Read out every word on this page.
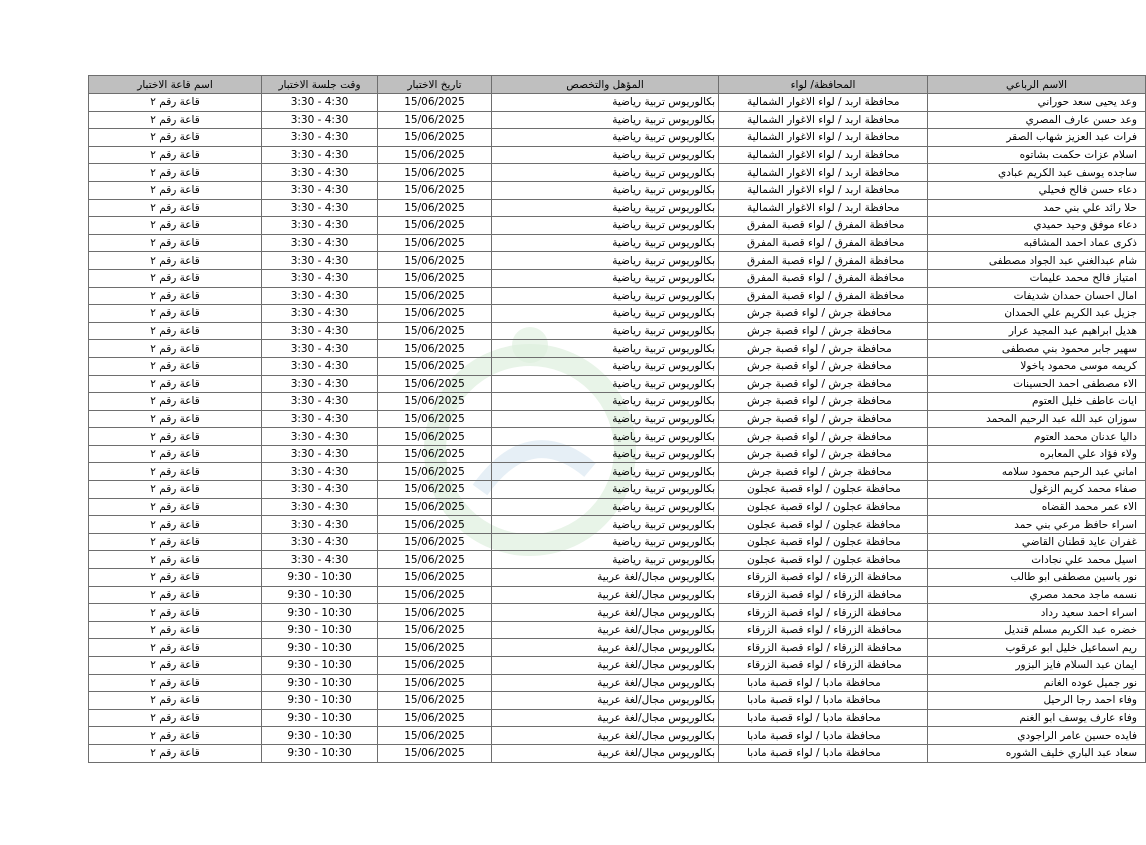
الاسم الرباعي	المحافظة/ لواء	المؤهل والتخصص	تاريخ الاختبار	وقت جلسة الاختبار	اسم قاعة الاختبار
وعد يحيى سعد حوراني	محافظة اربد / لواء الاغوار الشمالية	بكالوريوس تربية رياضية	15/06/2025	3:30 - 4:30	قاعة رقم ٢
وعد حسن عارف المصري	محافظة اربد / لواء الاغوار الشمالية	بكالوريوس تربية رياضية	15/06/2025	3:30 - 4:30	قاعة رقم ٢
فرات عبد العزيز شهاب الصقر	محافظة اربد / لواء الاغوار الشمالية	بكالوريوس تربية رياضية	15/06/2025	3:30 - 4:30	قاعة رقم ٢
اسلام عزات حكمت بشاتوه	محافظة اربد / لواء الاغوار الشمالية	بكالوريوس تربية رياضية	15/06/2025	3:30 - 4:30	قاعة رقم ٢
ساجده يوسف عبد الكريم عبادي	محافظة اربد / لواء الاغوار الشمالية	بكالوريوس تربية رياضية	15/06/2025	3:30 - 4:30	قاعة رقم ٢
دعاء حسن فالح فحيلي	محافظة اربد / لواء الاغوار الشمالية	بكالوريوس تربية رياضية	15/06/2025	3:30 - 4:30	قاعة رقم ٢
حلا رائد علي بني حمد	محافظة اربد / لواء الاغوار الشمالية	بكالوريوس تربية رياضية	15/06/2025	3:30 - 4:30	قاعة رقم ٢
دعاء موفق وحيد حميدي	محافظة المفرق / لواء قصبة المفرق	بكالوريوس تربية رياضية	15/06/2025	3:30 - 4:30	قاعة رقم ٢
ذكرى عماد احمد المشاقبه	محافظة المفرق / لواء قصبة المفرق	بكالوريوس تربية رياضية	15/06/2025	3:30 - 4:30	قاعة رقم ٢
شام عبدالغني عبد الجواد مصطفى	محافظة المفرق / لواء قصبة المفرق	بكالوريوس تربية رياضية	15/06/2025	3:30 - 4:30	قاعة رقم ٢
امتياز فالح محمد عليمات	محافظة المفرق / لواء قصبة المفرق	بكالوريوس تربية رياضية	15/06/2025	3:30 - 4:30	قاعة رقم ٢
امال احسان حمدان شديفات	محافظة المفرق / لواء قصبة المفرق	بكالوريوس تربية رياضية	15/06/2025	3:30 - 4:30	قاعة رقم ٢
جزيل عبد الكريم علي الحمدان	محافظة جرش / لواء قصبة جرش	بكالوريوس تربية رياضية	15/06/2025	3:30 - 4:30	قاعة رقم ٢
هديل ابراهيم عبد المجيد عرار	محافظة جرش / لواء قصبة جرش	بكالوريوس تربية رياضية	15/06/2025	3:30 - 4:30	قاعة رقم ٢
سهير جابر محمود بني مصطفى	محافظة جرش / لواء قصبة جرش	بكالوريوس تربية رياضية	15/06/2025	3:30 - 4:30	قاعة رقم ٢
كريمه موسى محمود ياخولا	محافظة جرش / لواء قصبة جرش	بكالوريوس تربية رياضية	15/06/2025	3:30 - 4:30	قاعة رقم ٢
الاء مصطفى احمد الحسينات	محافظة جرش / لواء قصبة جرش	بكالوريوس تربية رياضية	15/06/2025	3:30 - 4:30	قاعة رقم ٢
ايات عاطف خليل العتوم	محافظة جرش / لواء قصبة جرش	بكالوريوس تربية رياضية	15/06/2025	3:30 - 4:30	قاعة رقم ٢
سوزان عبد الله عبد الرحيم المحمد	محافظة جرش / لواء قصبة جرش	بكالوريوس تربية رياضية	15/06/2025	3:30 - 4:30	قاعة رقم ٢
داليا عدنان محمد العتوم	محافظة جرش / لواء قصبة جرش	بكالوريوس تربية رياضية	15/06/2025	3:30 - 4:30	قاعة رقم ٢
ولاء فؤاد علي المعابره	محافظة جرش / لواء قصبة جرش	بكالوريوس تربية رياضية	15/06/2025	3:30 - 4:30	قاعة رقم ٢
اماني عبد الرحيم محمود سلامه	محافظة جرش / لواء قصبة جرش	بكالوريوس تربية رياضية	15/06/2025	3:30 - 4:30	قاعة رقم ٢
صفاء محمد كريم الزغول	محافظة عجلون / لواء قصبة عجلون	بكالوريوس تربية رياضية	15/06/2025	3:30 - 4:30	قاعة رقم ٢
الاء عمر محمد القضاه	محافظة عجلون / لواء قصبة عجلون	بكالوريوس تربية رياضية	15/06/2025	3:30 - 4:30	قاعة رقم ٢
اسراء حافظ مرعي بني حمد	محافظة عجلون / لواء قصبة عجلون	بكالوريوس تربية رياضية	15/06/2025	3:30 - 4:30	قاعة رقم ٢
غفران عايد قطنان القاضي	محافظة عجلون / لواء قصبة عجلون	بكالوريوس تربية رياضية	15/06/2025	3:30 - 4:30	قاعة رقم ٢
اسيل محمد علي نجادات	محافظة عجلون / لواء قصبة عجلون	بكالوريوس تربية رياضية	15/06/2025	3:30 - 4:30	قاعة رقم ٢
نور ياسين مصطفى ابو طالب	محافظة الزرقاء / لواء قصبة الزرقاء	بكالوريوس مجال/لغة عربية	15/06/2025	9:30 - 10:30	قاعة رقم ٢
نسمه ماجد محمد مصري	محافظة الزرقاء / لواء قصبة الزرقاء	بكالوريوس مجال/لغة عربية	15/06/2025	9:30 - 10:30	قاعة رقم ٢
اسراء احمد سعيد رداد	محافظة الزرقاء / لواء قصبة الزرقاء	بكالوريوس مجال/لغة عربية	15/06/2025	9:30 - 10:30	قاعة رقم ٢
خضره عبد الكريم مسلم قنديل	محافظة الزرقاء / لواء قصبة الزرقاء	بكالوريوس مجال/لغة عربية	15/06/2025	9:30 - 10:30	قاعة رقم ٢
ريم اسماعيل خليل ابو عرقوب	محافظة الزرقاء / لواء قصبة الزرقاء	بكالوريوس مجال/لغة عربية	15/06/2025	9:30 - 10:30	قاعة رقم ٢
ايمان عبد السلام فايز البزور	محافظة الزرقاء / لواء قصبة الزرقاء	بكالوريوس مجال/لغة عربية	15/06/2025	9:30 - 10:30	قاعة رقم ٢
نور جميل عوده الغانم	محافظة مادبا / لواء قصبة مادبا	بكالوريوس مجال/لغة عربية	15/06/2025	9:30 - 10:30	قاعة رقم ٢
وفاء احمد رجا الرحيل	محافظة مادبا / لواء قصبة مادبا	بكالوريوس مجال/لغة عربية	15/06/2025	9:30 - 10:30	قاعة رقم ٢
وفاء عارف يوسف ابو الغنم	محافظة مادبا / لواء قصبة مادبا	بكالوريوس مجال/لغة عربية	15/06/2025	9:30 - 10:30	قاعة رقم ٢
فايده حسين عامر الراجودي	محافظة مادبا / لواء قصبة مادبا	بكالوريوس مجال/لغة عربية	15/06/2025	9:30 - 10:30	قاعة رقم ٢
سعاد عبد الباري خليف الشوره	محافظة مادبا / لواء قصبة مادبا	بكالوريوس مجال/لغة عربية	15/06/2025	9:30 - 10:30	قاعة رقم ٢
